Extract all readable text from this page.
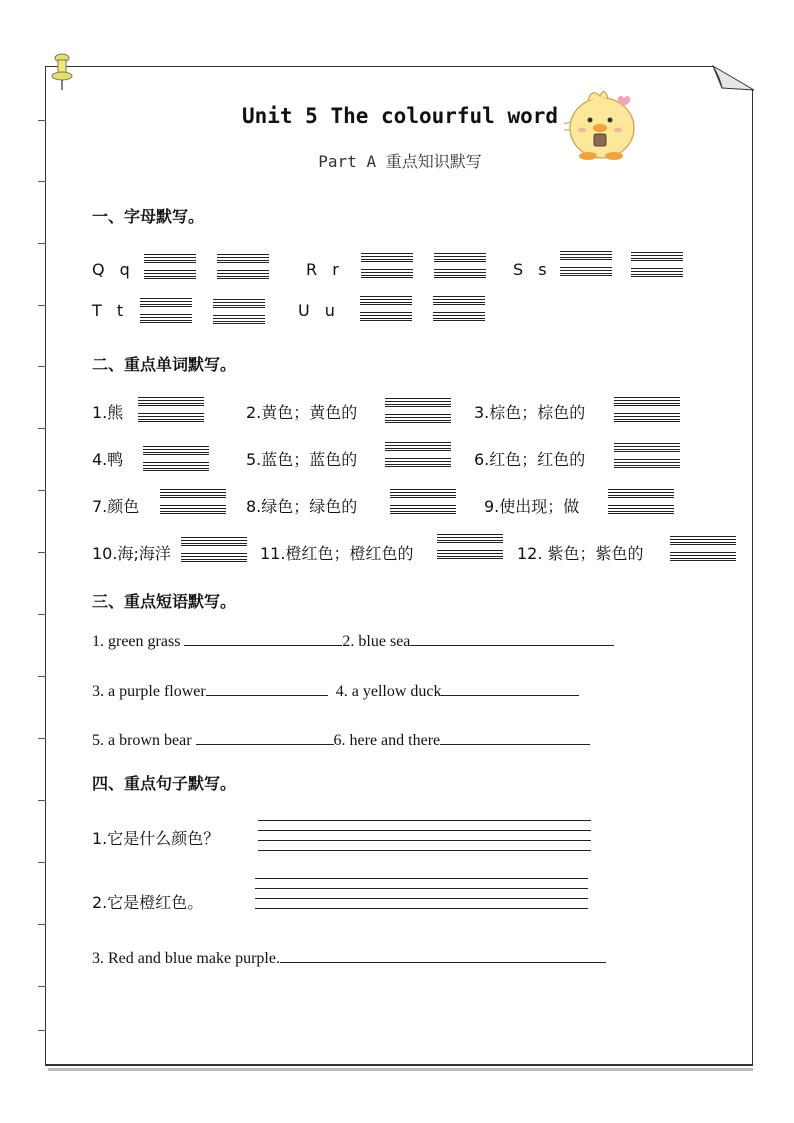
Unit 5 The colourful word
Part A 重点知识默写
一、字母默写。
Q q	R r	S s
T t	U u
二、重点单词默写。
1.熊	2.黄色；黄色的	3.棕色；棕色的
4.鸭	5.蓝色；蓝色的	6.红色；红色的
7.颜色	8.绿色；绿色的	9.使出现；做
10.海;海洋	11.橙红色；橙红色的	12. 紫色；紫色的
三、重点短语默写。
1. green grass	2. blue sea
3. a purple flower	4. a yellow duck
5. a brown bear	6. here and there
四、重点句子默写。
1.它是什么颜色？
2.它是橙红色。
3. Red and blue make purple.
